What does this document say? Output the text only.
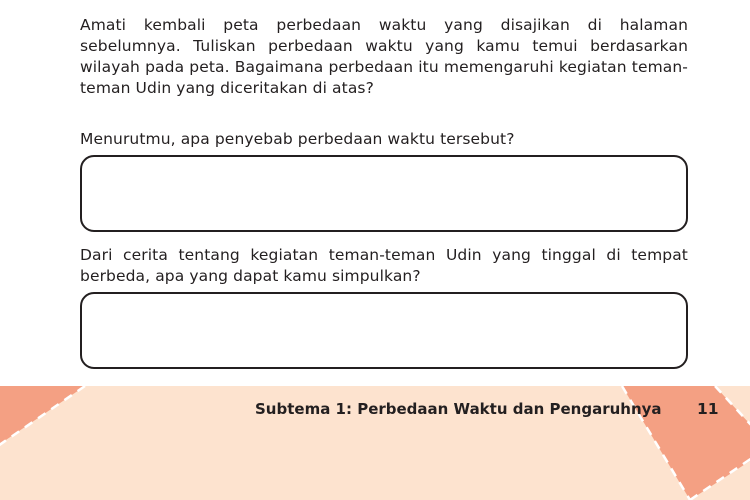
Amati kembali peta perbedaan waktu yang disajikan di halaman sebelumnya. Tuliskan perbedaan waktu yang kamu temui berdasarkan wilayah pada peta. Bagaimana perbedaan itu memengaruhi kegiatan teman-teman Udin yang diceritakan di atas?

Menurutmu, apa penyebab perbedaan waktu tersebut?

Dari cerita tentang kegiatan teman-teman Udin yang tinggal di tempat berbeda, apa yang dapat kamu simpulkan?

Subtema 1: Perbedaan Waktu dan Pengaruhnya 11
